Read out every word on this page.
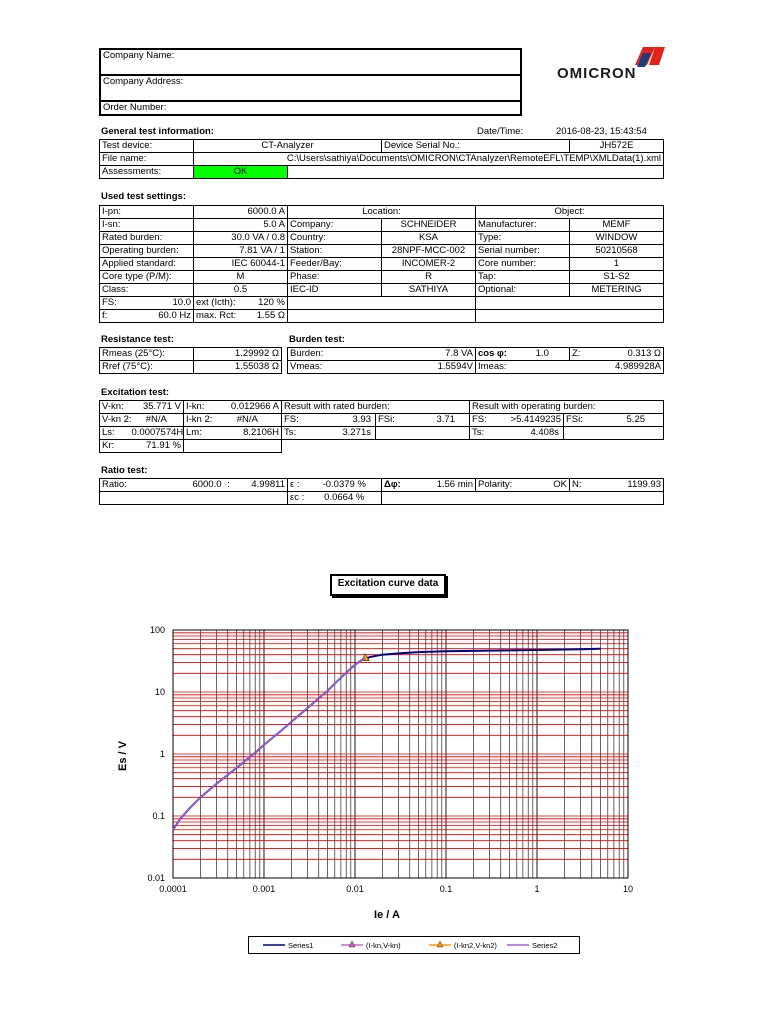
Company Name:
Company Address:
Order Number:
OMICRON
General test information:	Date/Time:	2016-08-23, 15:43:54
Test device:	CT-Analyzer		Device Serial No.:	JH572E
File name:	C:\Users\sathiya\Documents\OMICRON\CTAnalyzer\RemoteEFL\TEMP\XMLData(1).xml			
Assessments:	OK			
Used test settings:
I-pn:	6000.0 A	Location:		Object:	
I-sn:	5.0 A	Company:	SCHNEIDER	Manufacturer:	MEMF
Rated burden:	30.0 VA / 0.8	Country:	KSA	Type:	WINDOW
Operating burden:	7.81 VA / 1	Station:	28NPF-MCC-002	Serial number:	50210568
Applied standard:	IEC 60044-1	Feeder/Bay:	INCOMER-2	Core number:	1
Core type (P/M):	M	Phase:	R	Tap:	S1-S2
Class:	0.5	IEC-ID	SATHIYA	Optional:	METERING
FS:	10.0	ext (Icth):	120 %		
f:	60.0 Hz	max. Rct:	1.55 Ω		
Resistance test:	Burden test:
Rmeas (25°C):	1.29992 Ω
Rref (75°C):	1.55038 Ω
Burden:	7.8 VA	cos φ:	1.0	Z:	0.313 Ω
Vmeas:	1.5594V	Imeas:	4.989928A		
Excitation test:
V-kn:	35.771 V	I-kn:	0.012966 A	Result with rated burden:		Result with operating burden:	
V-kn 2:	#N/A	I-kn 2:	#N/A	FS: 3.93	FSi: 3.71	FS: >5.4149235	FSi: 5.25

Ls:	0.0007574H	Lm:	8.2106H	Ts: 3.271s		Ts: 4.408s	

Kr:	71.91 %						
Ratio test:
Ratio:	6000.0	:	4.99811	ε :	-0.0379 %	Δφ:	1.56 min	Polarity:	OK	N:	1199.93
				εc :	0.0664 %						
Excitation curve data
0.0001	0.001	0.01	0.1	1	10
0.01
0.1
1
10
100
Ie / A
Es / V
Series1	(I-kn,V-kn)	(I-kn2,V-kn2)	Series2
